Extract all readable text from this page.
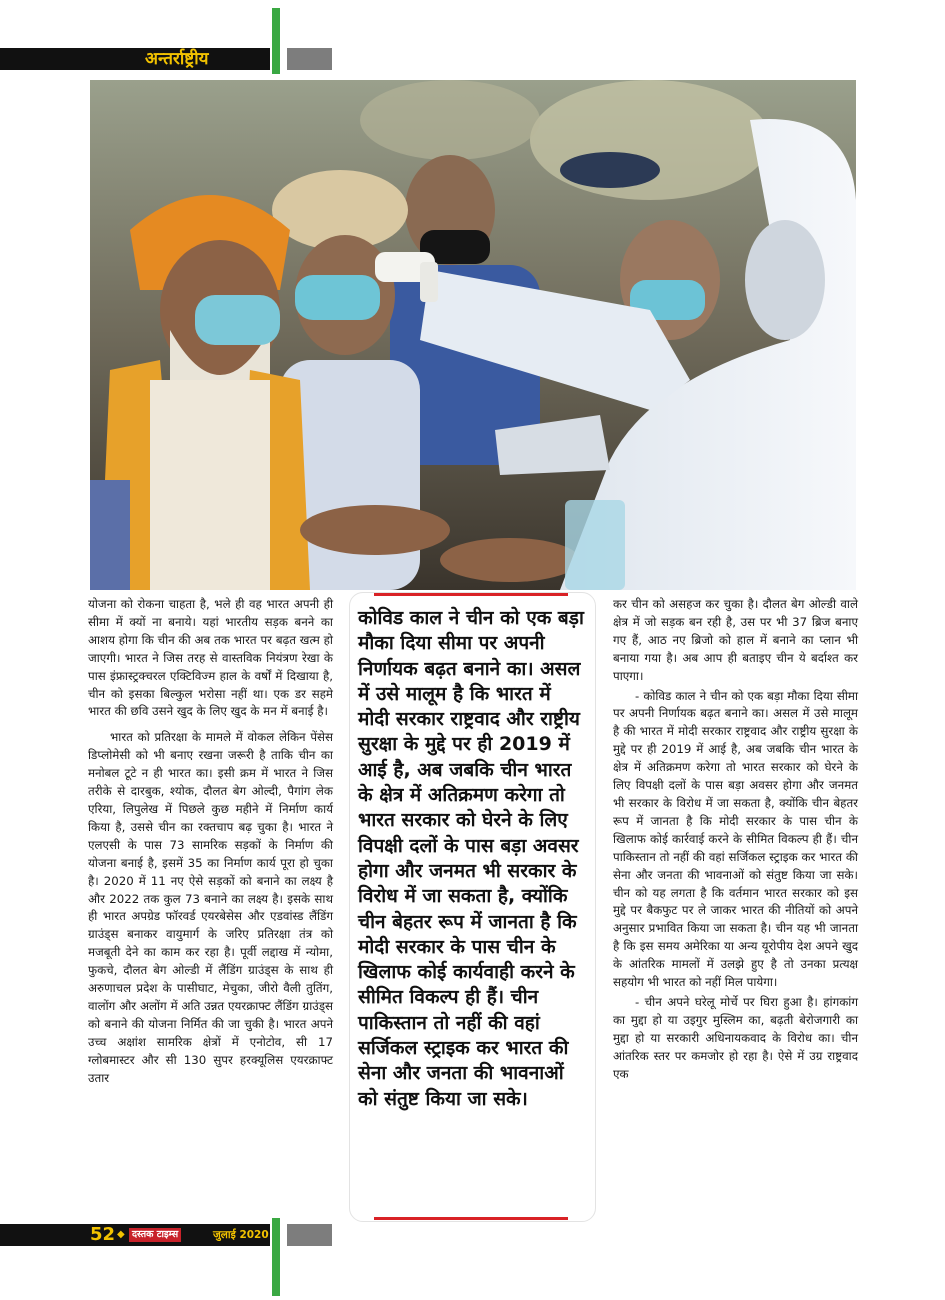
अन्तर्राष्ट्रीय

योजना को रोकना चाहता है, भले ही वह भारत अपनी ही सीमा में क्यों ना बनाये। यहां भारतीय सड़क बनने का आशय होगा कि चीन की अब तक भारत पर बढ़त खत्म हो जाएगी। भारत ने जिस तरह से वास्तविक नियंत्रण रेखा के पास इंफ्रास्ट्रक्चरल एक्टिविज्म हाल के वर्षों में दिखाया है, चीन को इसका बिल्कुल भरोसा नहीं था। एक डर सहमे भारत की छवि उसने खुद के लिए खुद के मन में बनाई है।

भारत को प्रतिरक्षा के मामले में वोकल लेकिन पेंसेस डिप्लोमेसी को भी बनाए रखना जरूरी है ताकि चीन का मनोबल टूटे न ही भारत का। इसी क्रम में भारत ने जिस तरीके से दारबुक, श्योक, दौलत बेग ओल्दी, पैगांग लेक एरिया, लिपुलेख में पिछले कुछ महीने में निर्माण कार्य किया है, उससे चीन का रक्तचाप बढ़ चुका है। भारत ने एलएसी के पास 73 सामरिक सड़कों के निर्माण की योजना बनाई है, इसमें 35 का निर्माण कार्य पूरा हो चुका है। 2020 में 11 नए ऐसे सड़कों को बनाने का लक्ष्य है और 2022 तक कुल 73 बनाने का लक्ष्य है। इसके साथ ही भारत अपग्रेड फॉरवर्ड एयरबेसेस और एडवांस्ड लैंडिंग ग्राउंड्स बनाकर वायुमार्ग के जरिए प्रतिरक्षा तंत्र को मजबूती देने का काम कर रहा है। पूर्वी लद्दाख में न्योमा, फुकचे, दौलत बेग ओल्डी में लैंडिंग ग्राउंड्स के साथ ही अरुणाचल प्रदेश के पासीघाट, मेचुका, जीरो वैली तुतिंग, वालोंग और अलोंग में अति उन्नत एयरक्राफ्ट लैंडिंग ग्राउंड्स को बनाने की योजना निर्मित की जा चुकी है। भारत अपने उच्च अक्षांश सामरिक क्षेत्रों में एनोटोव, सी 17 ग्लोबमास्टर और सी 130 सुपर हरक्यूलिस एयरक्राफ्ट उतार

कोविड काल ने चीन को एक बड़ा मौका दिया सीमा पर अपनी निर्णायक बढ़त बनाने का। असल में उसे मालूम है कि भारत में मोदी सरकार राष्ट्रवाद और राष्ट्रीय सुरक्षा के मुद्दे पर ही 2019 में आई है, अब जबकि चीन भारत के क्षेत्र में अतिक्रमण करेगा तो भारत सरकार को घेरने के लिए विपक्षी दलों के पास बड़ा अवसर होगा और जनमत भी सरकार के विरोध में जा सकता है, क्योंकि चीन बेहतर रूप में जानता है कि मोदी सरकार के पास चीन के खिलाफ कोई कार्यवाही करने के सीमित विकल्प ही हैं। चीन पाकिस्तान तो नहीं की वहां सर्जिकल स्ट्राइक कर भारत की सेना और जनता की भावनाओं को संतुष्ट किया जा सके।

कर चीन को असहज कर चुका है। दौलत बेग ओल्डी वाले क्षेत्र में जो सड़क बन रही है, उस पर भी 37 ब्रिज बनाए गए हैं, आठ नए ब्रिजो को हाल में बनाने का प्लान भी बनाया गया है। अब आप ही बताइए चीन ये बर्दाश्त कर पाएगा।

- कोविड काल ने चीन को एक बड़ा मौका दिया सीमा पर अपनी निर्णायक बढ़त बनाने का। असल में उसे मालूम है की भारत में मोदी सरकार राष्ट्रवाद और राष्ट्रीय सुरक्षा के मुद्दे पर ही 2019 में आई है, अब जबकि चीन भारत के क्षेत्र में अतिक्रमण करेगा तो भारत सरकार को घेरने के लिए विपक्षी दलों के पास बड़ा अवसर होगा और जनमत भी सरकार के विरोध में जा सकता है, क्योंकि चीन बेहतर रूप में जानता है कि मोदी सरकार के पास चीन के खिलाफ कोई कार्रवाई करने के सीमित विकल्प ही हैं। चीन पाकिस्तान तो नहीं की वहां सर्जिकल स्ट्राइक कर भारत की सेना और जनता की भावनाओं को संतुष्ट किया जा सके। चीन को यह लगता है कि वर्तमान भारत सरकार को इस मुद्दे पर बैकफुट पर ले जाकर भारत की नीतियों को अपने अनुसार प्रभावित किया जा सकता है। चीन यह भी जानता है कि इस समय अमेरिका या अन्य यूरोपीय देश अपने खुद के आंतरिक मामलों में उलझे हुए है तो उनका प्रत्यक्ष सहयोग भी भारत को नहीं मिल पायेगा।

- चीन अपने घरेलू मोर्चे पर घिरा हुआ है। हांगकांग का मुद्दा हो या उइगुर मुस्लिम का, बढ़ती बेरोजगारी का मुद्दा हो या सरकारी अधिनायकवाद के विरोध का। चीन आंतरिक स्तर पर कमजोर हो रहा है। ऐसे में उग्र राष्ट्रवाद एक

52 ◆ दस्तक टाइम्स	जुलाई 2020
